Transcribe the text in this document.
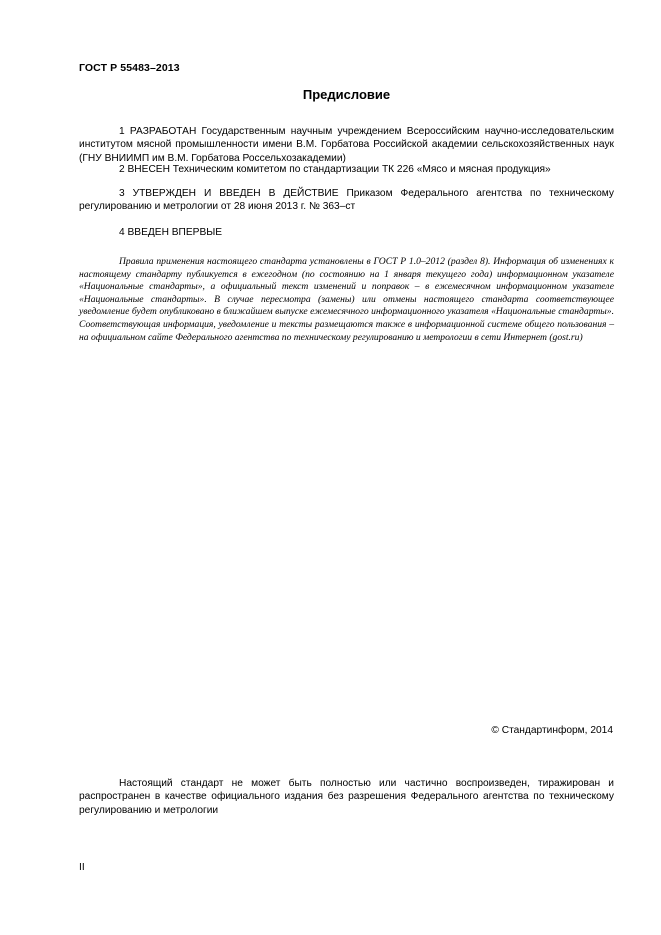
ГОСТ Р 55483–2013
Предисловие

1 РАЗРАБОТАН Государственным научным учреждением Всероссийским научно-исследовательским институтом мясной промышленности имени В.М. Горбатова Российской академии сельскохозяйственных наук (ГНУ ВНИИМП им В.М. Горбатова Россельхозакадемии)

2 ВНЕСЕН Техническим комитетом по стандартизации ТК 226 «Мясо и мясная продукция»

3 УТВЕРЖДЕН И ВВЕДЕН В ДЕЙСТВИЕ Приказом Федерального агентства по техническому регулированию и метрологии от 28 июня 2013 г. № 363–ст

4 ВВЕДЕН ВПЕРВЫЕ

Правила применения настоящего стандарта установлены в ГОСТ Р 1.0–2012 (раздел 8). Информация об изменениях к настоящему стандарту публикуется в ежегодном (по состоянию на 1 января текущего года) информационном указателе «Национальные стандарты», а официальный текст изменений и поправок – в ежемесячном информационном указателе «Национальные стандарты». В случае пересмотра (замены) или отмены настоящего стандарта соответствующее уведомление будет опубликовано в ближайшем выпуске ежемесячного информационного указателя «Национальные стандарты». Соответствующая информация, уведомление и тексты размещаются также в информационной системе общего пользования – на официальном сайте Федерального агентства по техническому регулированию и метрологии в сети Интернет (gost.ru)

© Стандартинформ, 2014

Настоящий стандарт не может быть полностью или частично воспроизведен, тиражирован и распространен в качестве официального издания без разрешения Федерального агентства по техническому регулированию и метрологии

II
